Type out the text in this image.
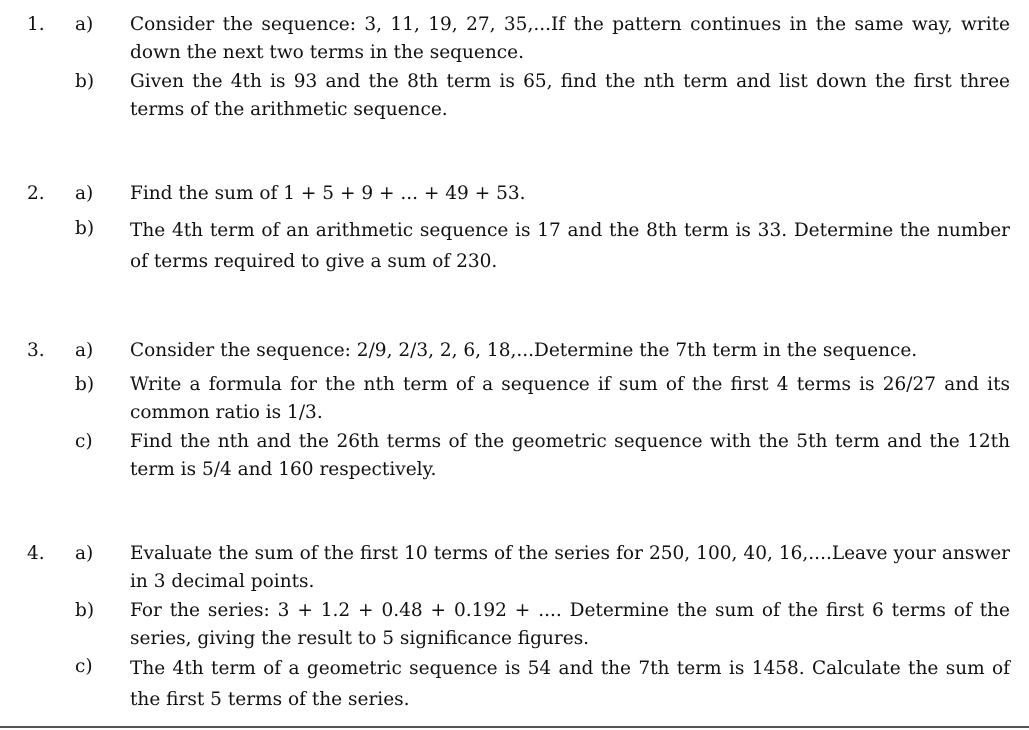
1.	a)	Consider the sequence: 3, 11, 19, 27, 35,...If the pattern continues in the same way, write down the next two terms in the sequence.
b)	Given the 4th is 93 and the 8th term is 65, find the nth term and list down the first three terms of the arithmetic sequence.
2.	a)	Find the sum of 1 + 5 + 9 + ... + 49 + 53.
b)	The 4th term of an arithmetic sequence is 17 and the 8th term is 33. Determine the number of terms required to give a sum of 230.
3.	a)	Consider the sequence: 2/9, 2/3, 2, 6, 18,...Determine the 7th term in the sequence.
b)	Write a formula for the nth term of a sequence if sum of the first 4 terms is 26/27 and its common ratio is 1/3.
c)	Find the nth and the 26th terms of the geometric sequence with the 5th term and the 12th term is 5/4 and 160 respectively.
4.	a)	Evaluate the sum of the first 10 terms of the series for 250, 100, 40, 16,....Leave your answer in 3 decimal points.
b)	For the series: 3 + 1.2 + 0.48 + 0.192 + .... Determine the sum of the first 6 terms of the series, giving the result to 5 significance figures.
c)	The 4th term of a geometric sequence is 54 and the 7th term is 1458. Calculate the sum of the first 5 terms of the series.
